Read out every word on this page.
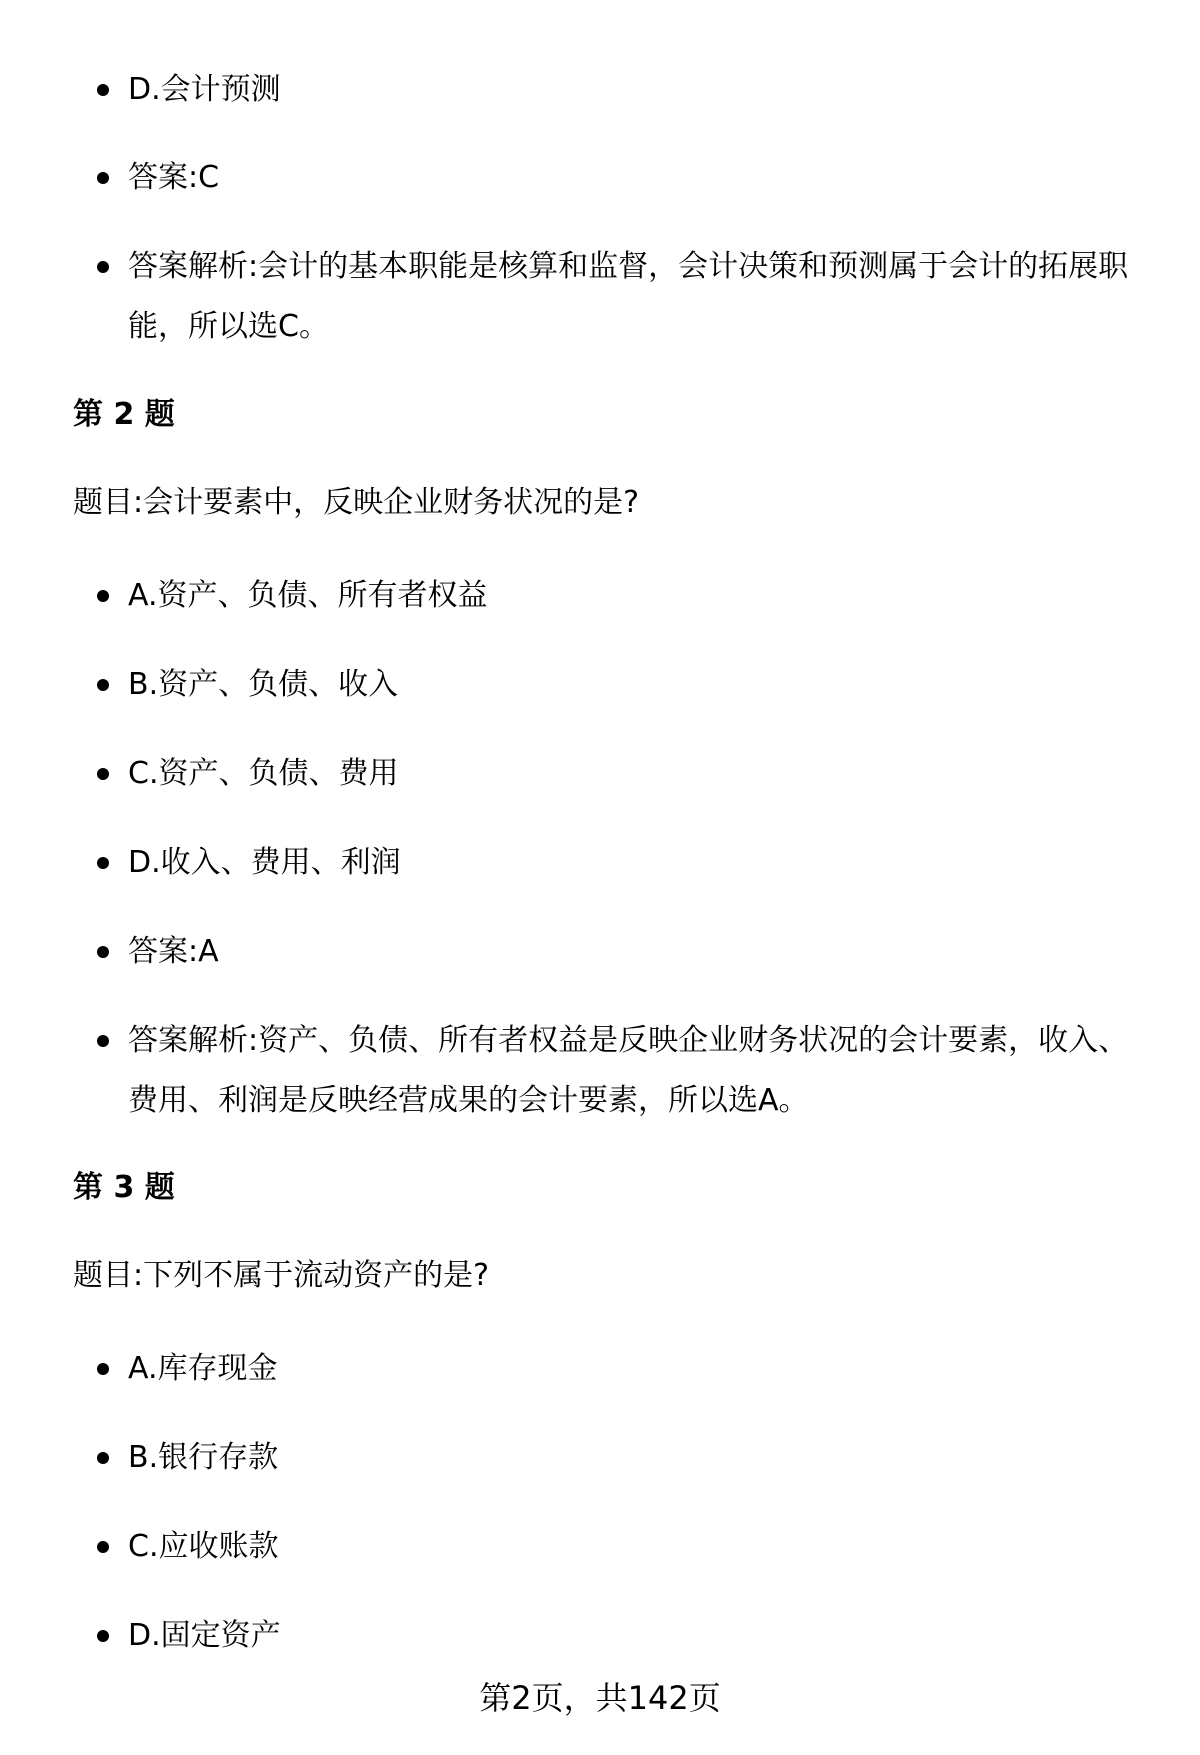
D.会计预测
答案:C
答案解析:会计的基本职能是核算和监督，会计决策和预测属于会计的拓展职能，所以选C。
第 2 题
题目:会计要素中，反映企业财务状况的是?
A.资产、负债、所有者权益
B.资产、负债、收入
C.资产、负债、费用
D.收入、费用、利润
答案:A
答案解析:资产、负债、所有者权益是反映企业财务状况的会计要素，收入、费用、利润是反映经营成果的会计要素，所以选A。
第 3 题
题目:下列不属于流动资产的是?
A.库存现金
B.银行存款
C.应收账款
D.固定资产
第2页，共142页
